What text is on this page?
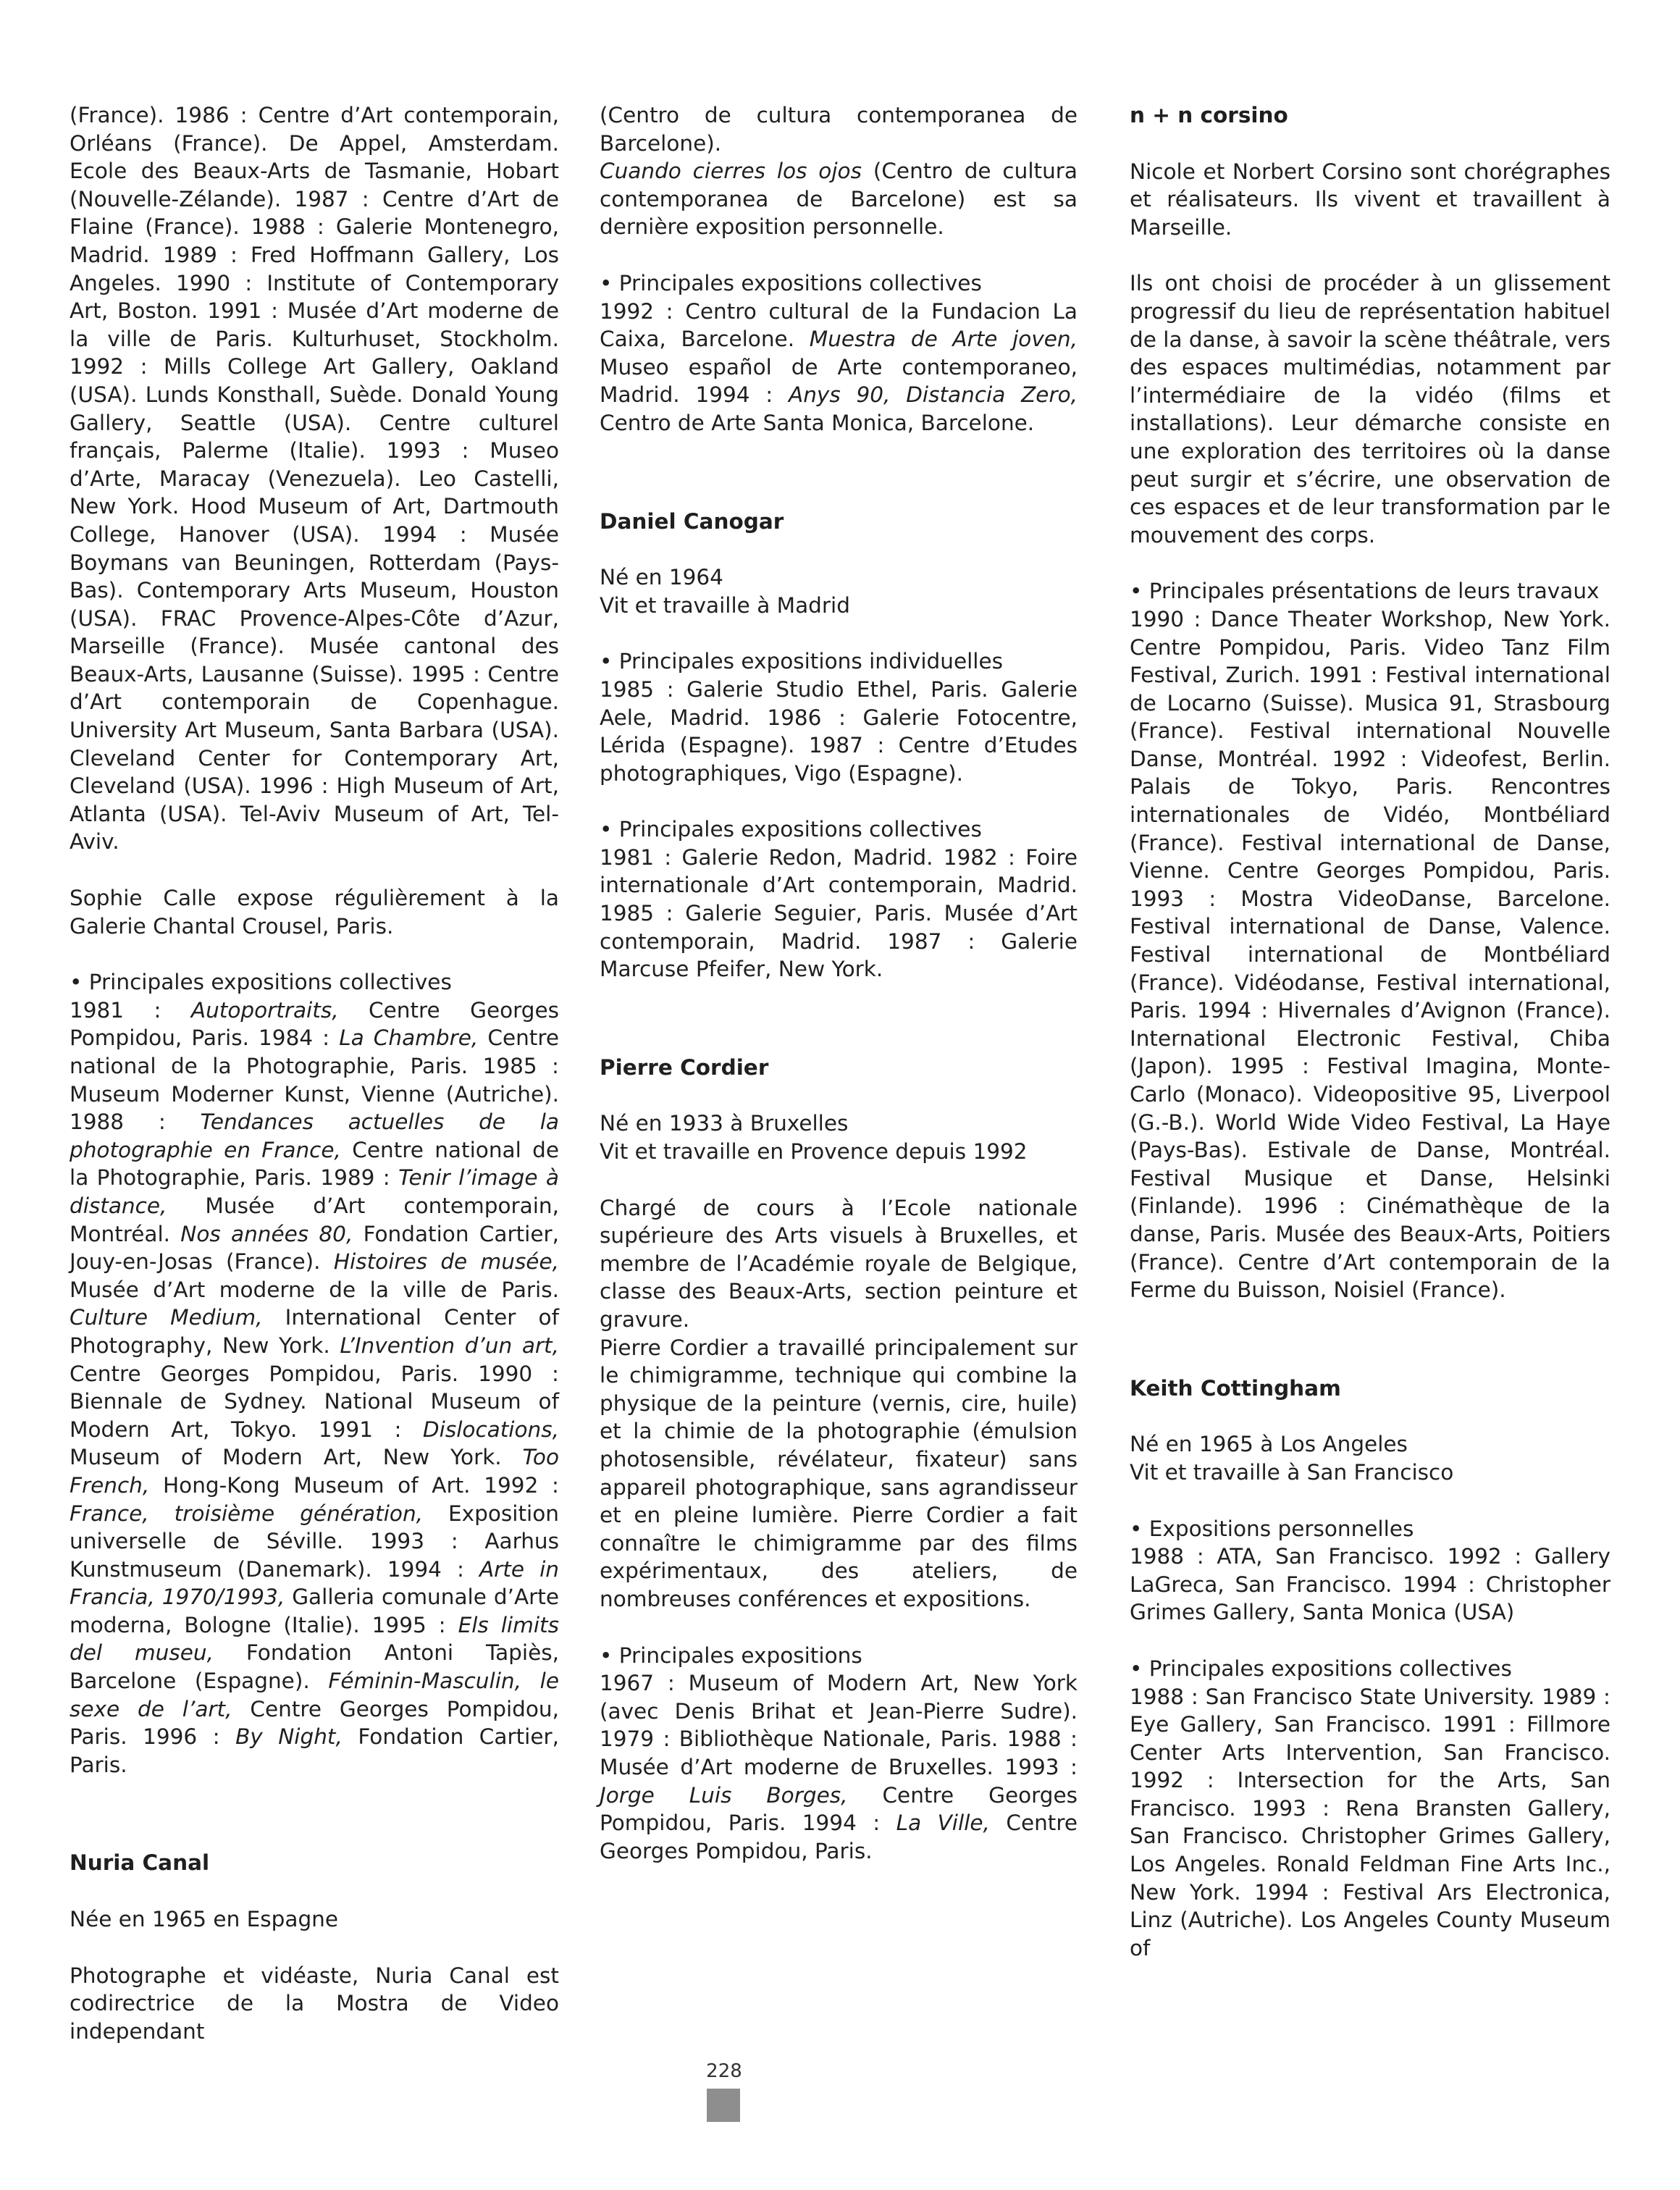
(France). 1986 : Centre d’Art contemporain, Orléans (France). De Appel, Amsterdam. Ecole des Beaux-Arts de Tasmanie, Hobart (Nouvelle-Zélande). 1987 : Centre d’Art de Flaine (France). 1988 : Galerie Montenegro, Madrid. 1989 : Fred Hoffmann Gallery, Los Angeles. 1990 : Institute of Contemporary Art, Boston. 1991 : Musée d’Art moderne de la ville de Paris. Kulturhuset, Stockholm. 1992 : Mills College Art Gallery, Oakland (USA). Lunds Konsthall, Suède. Donald Young Gallery, Seattle (USA). Centre culturel français, Palerme (Italie). 1993 : Museo d’Arte, Maracay (Venezuela). Leo Castelli, New York. Hood Museum of Art, Dartmouth College, Hanover (USA). 1994 : Musée Boymans van Beuningen, Rotterdam (Pays-Bas). Contemporary Arts Museum, Houston (USA). FRAC Provence-Alpes-Côte d’Azur, Marseille (France). Musée cantonal des Beaux-Arts, Lausanne (Suisse). 1995 : Centre d’Art contemporain de Copenhague. University Art Museum, Santa Barbara (USA). Cleveland Center for Contemporary Art, Cleveland (USA). 1996 : High Museum of Art, Atlanta (USA). Tel-Aviv Museum of Art, Tel-Aviv.

Sophie Calle expose régulièrement à la Galerie Chantal Crousel, Paris.

• Principales expositions collectives

1981 : Autoportraits, Centre Georges Pompidou, Paris. 1984 : La Chambre, Centre national de la Photographie, Paris. 1985 : Museum Moderner Kunst, Vienne (Autriche). 1988 : Tendances actuelles de la photographie en France, Centre national de la Photographie, Paris. 1989 : Tenir l’image à distance, Musée d’Art contemporain, Montréal. Nos années 80, Fondation Cartier, Jouy-en-Josas (France). Histoires de musée, Musée d’Art moderne de la ville de Paris. Culture Medium, International Center of Photography, New York. L’Invention d’un art, Centre Georges Pompidou, Paris. 1990 : Biennale de Sydney. National Museum of Modern Art, Tokyo. 1991 : Dislocations, Museum of Modern Art, New York. Too French, Hong-Kong Museum of Art. 1992 : France, troisième génération, Exposition universelle de Séville. 1993 : Aarhus Kunstmuseum (Danemark). 1994 : Arte in Francia, 1970/1993, Galleria comunale d’Arte moderna, Bologne (Italie). 1995 : Els limits del museu, Fondation Antoni Tapiès, Barcelone (Espagne). Féminin-Masculin, le sexe de l’art, Centre Georges Pompidou, Paris. 1996 : By Night, Fondation Cartier, Paris.

Nuria Canal

Née en 1965 en Espagne

Photographe et vidéaste, Nuria Canal est codirectrice de la Mostra de Video independant

(Centro de cultura contemporanea de Barcelone).

Cuando cierres los ojos (Centro de cultura contemporanea de Barcelone) est sa dernière exposition personnelle.

• Principales expositions collectives

1992 : Centro cultural de la Fundacion La Caixa, Barcelone. Muestra de Arte joven, Museo español de Arte contemporaneo, Madrid. 1994 : Anys 90, Distancia Zero, Centro de Arte Santa Monica, Barcelone.

Daniel Canogar

Né en 1964

Vit et travaille à Madrid

• Principales expositions individuelles

1985 : Galerie Studio Ethel, Paris. Galerie Aele, Madrid. 1986 : Galerie Fotocentre, Lérida (Espagne). 1987 : Centre d’Etudes photographiques, Vigo (Espagne).

• Principales expositions collectives

1981 : Galerie Redon, Madrid. 1982 : Foire internationale d’Art contemporain, Madrid. 1985 : Galerie Seguier, Paris. Musée d’Art contemporain, Madrid. 1987 : Galerie Marcuse Pfeifer, New York.

Pierre Cordier

Né en 1933 à Bruxelles

Vit et travaille en Provence depuis 1992

Chargé de cours à l’Ecole nationale supérieure des Arts visuels à Bruxelles, et membre de l’Académie royale de Belgique, classe des Beaux-Arts, section peinture et gravure.

Pierre Cordier a travaillé principalement sur le chimigramme, technique qui combine la physique de la peinture (vernis, cire, huile) et la chimie de la photographie (émulsion photosensible, révélateur, fixateur) sans appareil photographique, sans agrandisseur et en pleine lumière. Pierre Cordier a fait connaître le chimigramme par des films expérimentaux, des ateliers, de nombreuses conférences et expositions.

• Principales expositions

1967 : Museum of Modern Art, New York (avec Denis Brihat et Jean-Pierre Sudre). 1979 : Bibliothèque Nationale, Paris. 1988 : Musée d’Art moderne de Bruxelles. 1993 : Jorge Luis Borges, Centre Georges Pompidou, Paris. 1994 : La Ville, Centre Georges Pompidou, Paris.

n + n corsino

Nicole et Norbert Corsino sont chorégraphes et réalisateurs. Ils vivent et travaillent à Marseille.

Ils ont choisi de procéder à un glissement progressif du lieu de représentation habituel de la danse, à savoir la scène théâtrale, vers des espaces multimédias, notamment par l’intermédiaire de la vidéo (films et installations). Leur démarche consiste en une exploration des territoires où la danse peut surgir et s’écrire, une observation de ces espaces et de leur transformation par le mouvement des corps.

• Principales présentations de leurs travaux

1990 : Dance Theater Workshop, New York. Centre Pompidou, Paris. Video Tanz Film Festival, Zurich. 1991 : Festival international de Locarno (Suisse). Musica 91, Strasbourg (France). Festival international Nouvelle Danse, Montréal. 1992 : Videofest, Berlin. Palais de Tokyo, Paris. Rencontres internationales de Vidéo, Montbéliard (France). Festival international de Danse, Vienne. Centre Georges Pompidou, Paris. 1993 : Mostra VideoDanse, Barcelone. Festival international de Danse, Valence. Festival international de Montbéliard (France). Vidéodanse, Festival international, Paris. 1994 : Hivernales d’Avignon (France). International Electronic Festival, Chiba (Japon). 1995 : Festival Imagina, Monte-Carlo (Monaco). Videopositive 95, Liverpool (G.-B.). World Wide Video Festival, La Haye (Pays-Bas). Estivale de Danse, Montréal. Festival Musique et Danse, Helsinki (Finlande). 1996 : Cinémathèque de la danse, Paris. Musée des Beaux-Arts, Poitiers (France). Centre d’Art contemporain de la Ferme du Buisson, Noisiel (France).

Keith Cottingham

Né en 1965 à Los Angeles

Vit et travaille à San Francisco

• Expositions personnelles

1988 : ATA, San Francisco. 1992 : Gallery LaGreca, San Francisco. 1994 : Christopher Grimes Gallery, Santa Monica (USA)

• Principales expositions collectives

1988 : San Francisco State University. 1989 : Eye Gallery, San Francisco. 1991 : Fillmore Center Arts Intervention, San Francisco. 1992 : Intersection for the Arts, San Francisco. 1993 : Rena Bransten Gallery, San Francisco. Christopher Grimes Gallery, Los Angeles. Ronald Feldman Fine Arts Inc., New York. 1994 : Festival Ars Electronica, Linz (Autriche). Los Angeles County Museum of

228
